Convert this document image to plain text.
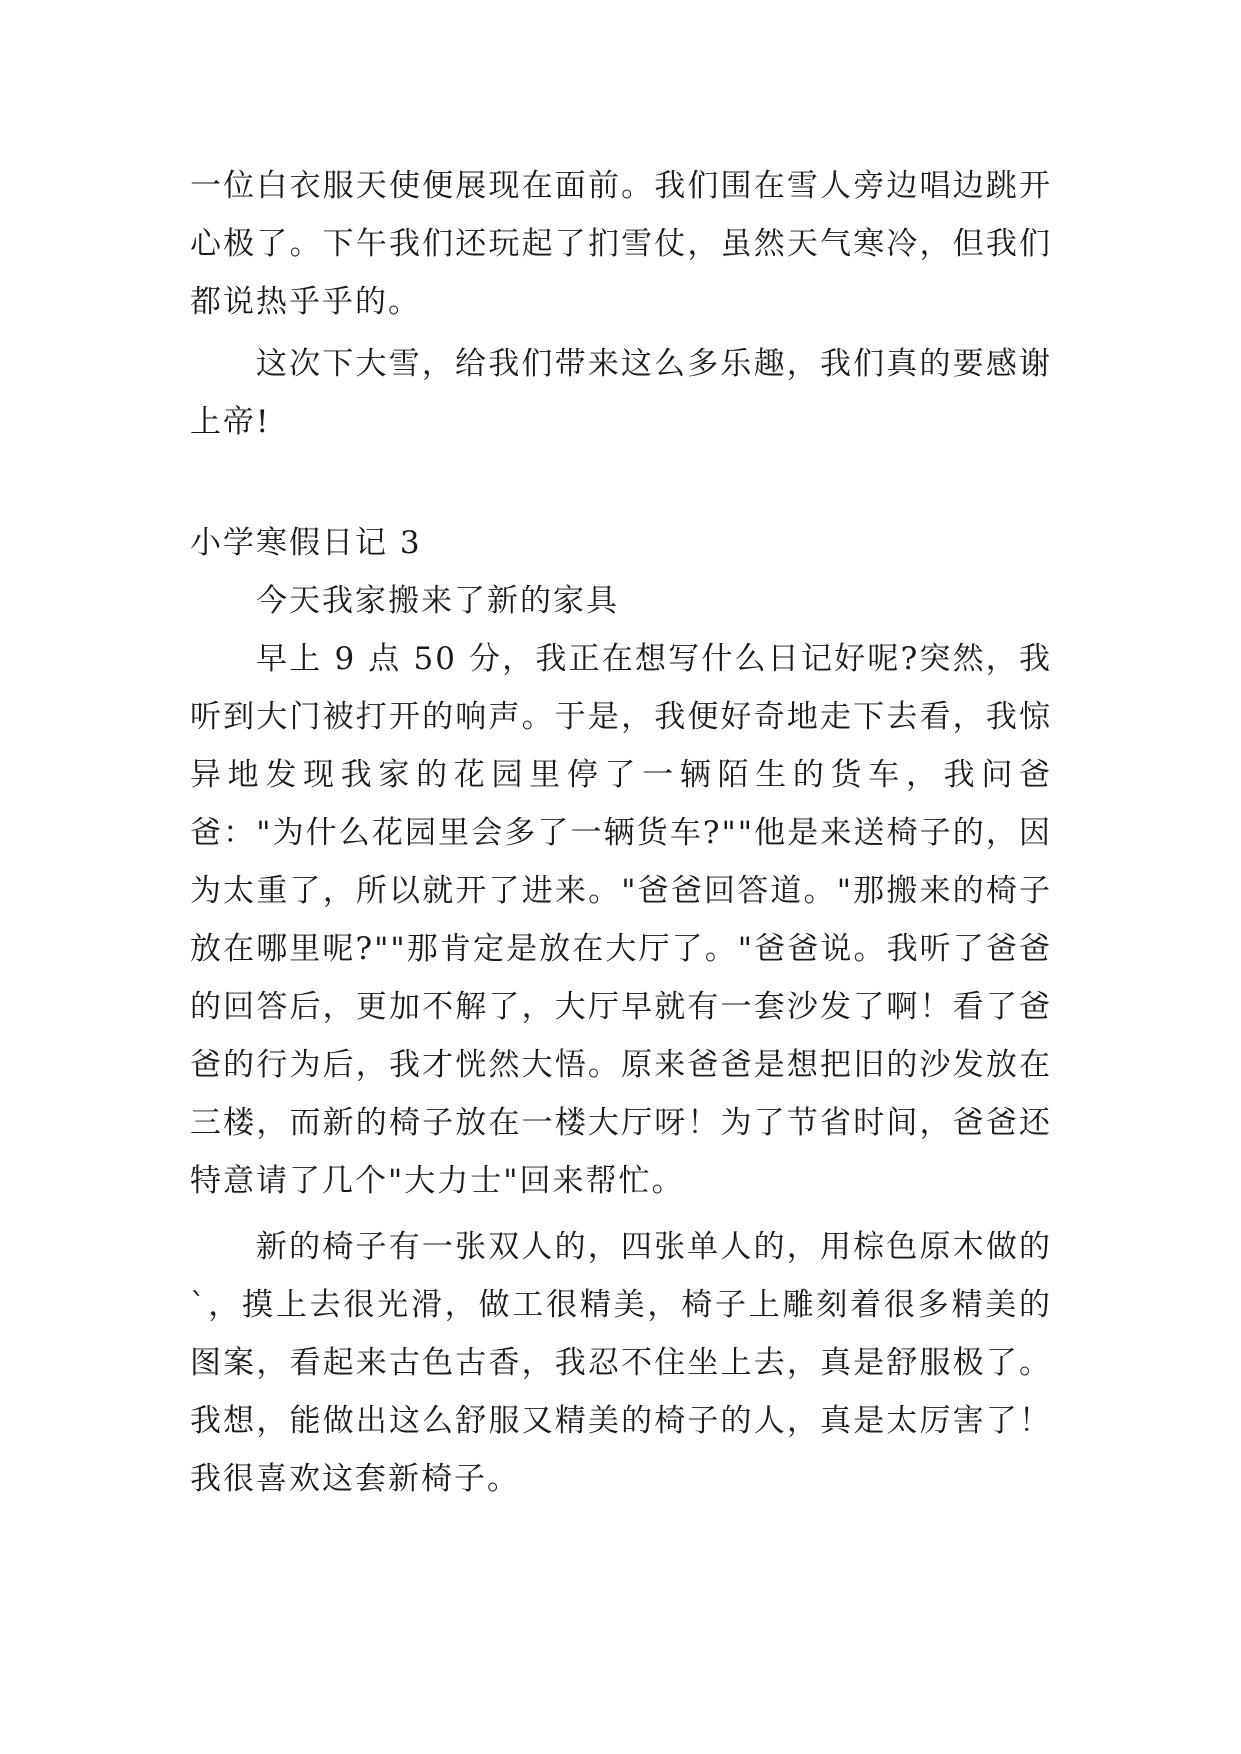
一位白衣服天使便展现在面前。我们围在雪人旁边唱边跳开心极了。下午我们还玩起了扪雪仗，虽然天气寒冷，但我们都说热乎乎的。

这次下大雪，给我们带来这么多乐趣，我们真的要感谢上帝!

小学寒假日记 3

今天我家搬来了新的家具

早上 9 点 50 分，我正在想写什么日记好呢?突然，我听到大门被打开的响声。于是，我便好奇地走下去看，我惊异地发现我家的花园里停了一辆陌生的货车，我问爸爸："为什么花园里会多了一辆货车?""他是来送椅子的，因为太重了，所以就开了进来。"爸爸回答道。"那搬来的椅子放在哪里呢?""那肯定是放在大厅了。"爸爸说。我听了爸爸的回答后，更加不解了，大厅早就有一套沙发了啊！看了爸爸的行为后，我才恍然大悟。原来爸爸是想把旧的沙发放在三楼，而新的椅子放在一楼大厅呀！为了节省时间，爸爸还特意请了几个"大力士"回来帮忙。

新的椅子有一张双人的，四张单人的，用棕色原木做的`，摸上去很光滑，做工很精美，椅子上雕刻着很多精美的图案，看起来古色古香，我忍不住坐上去，真是舒服极了。我想，能做出这么舒服又精美的椅子的人，真是太厉害了！我很喜欢这套新椅子。
